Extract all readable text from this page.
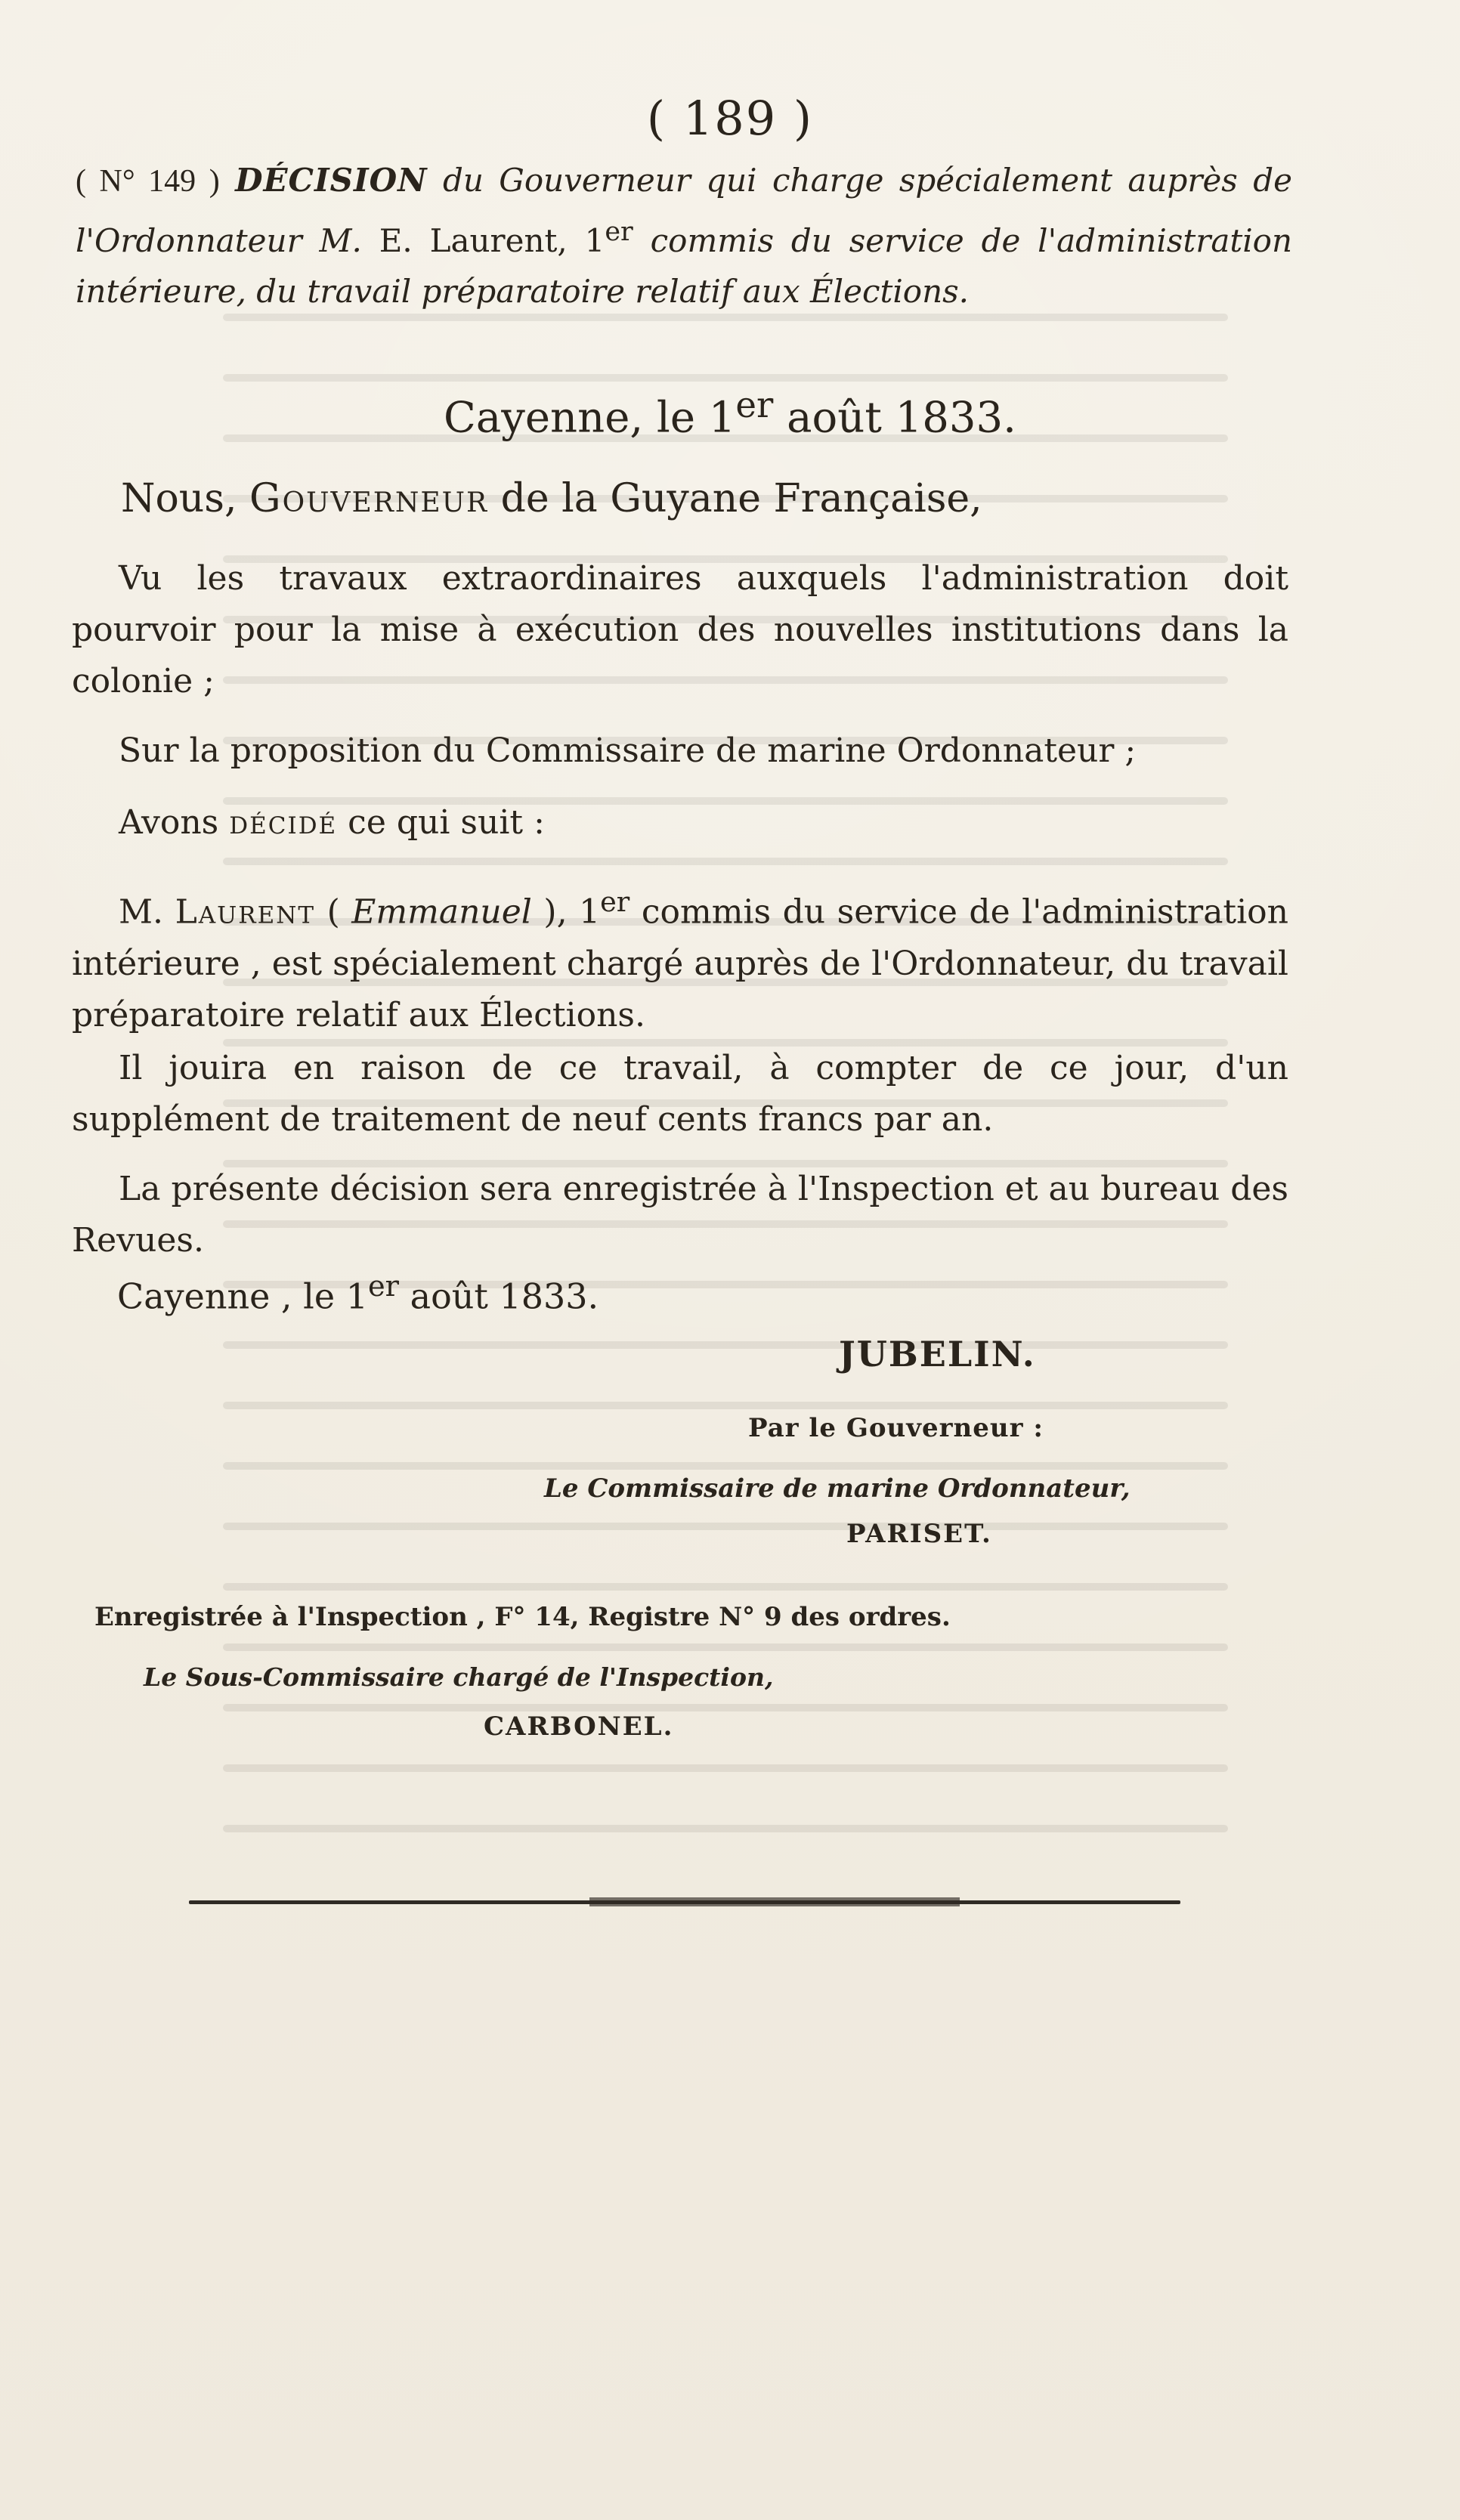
( 189 )
( N° 149 ) DÉCISION du Gouverneur qui charge spécialement auprès de l'Ordonnateur M. E. Laurent, 1er commis du service de l'administration intérieure, du travail préparatoire relatif aux Élections.
Cayenne, le 1er août 1833.
Nous, Gouverneur de la Guyane Française,
Vu les travaux extraordinaires auxquels l'administration doit pourvoir pour la mise à exécution des nouvelles institutions dans la colonie ;
Sur la proposition du Commissaire de marine Ordonnateur ;
Avons décidé ce qui suit :
M. Laurent ( Emmanuel ), 1er commis du service de l'administration intérieure , est spécialement chargé auprès de l'Ordonnateur, du travail préparatoire relatif aux Élections.
Il jouira en raison de ce travail, à compter de ce jour, d'un supplément de traitement de neuf cents francs par an.
La présente décision sera enregistrée à l'Inspection et au bureau des Revues.
Cayenne , le 1er août 1833.
JUBELIN.
Par le Gouverneur :
Le Commissaire de marine Ordonnateur,
PARISET.
Enregistrée à l'Inspection , F° 14, Registre N° 9 des ordres.
Le Sous-Commissaire chargé de l'Inspection,
CARBONEL.
